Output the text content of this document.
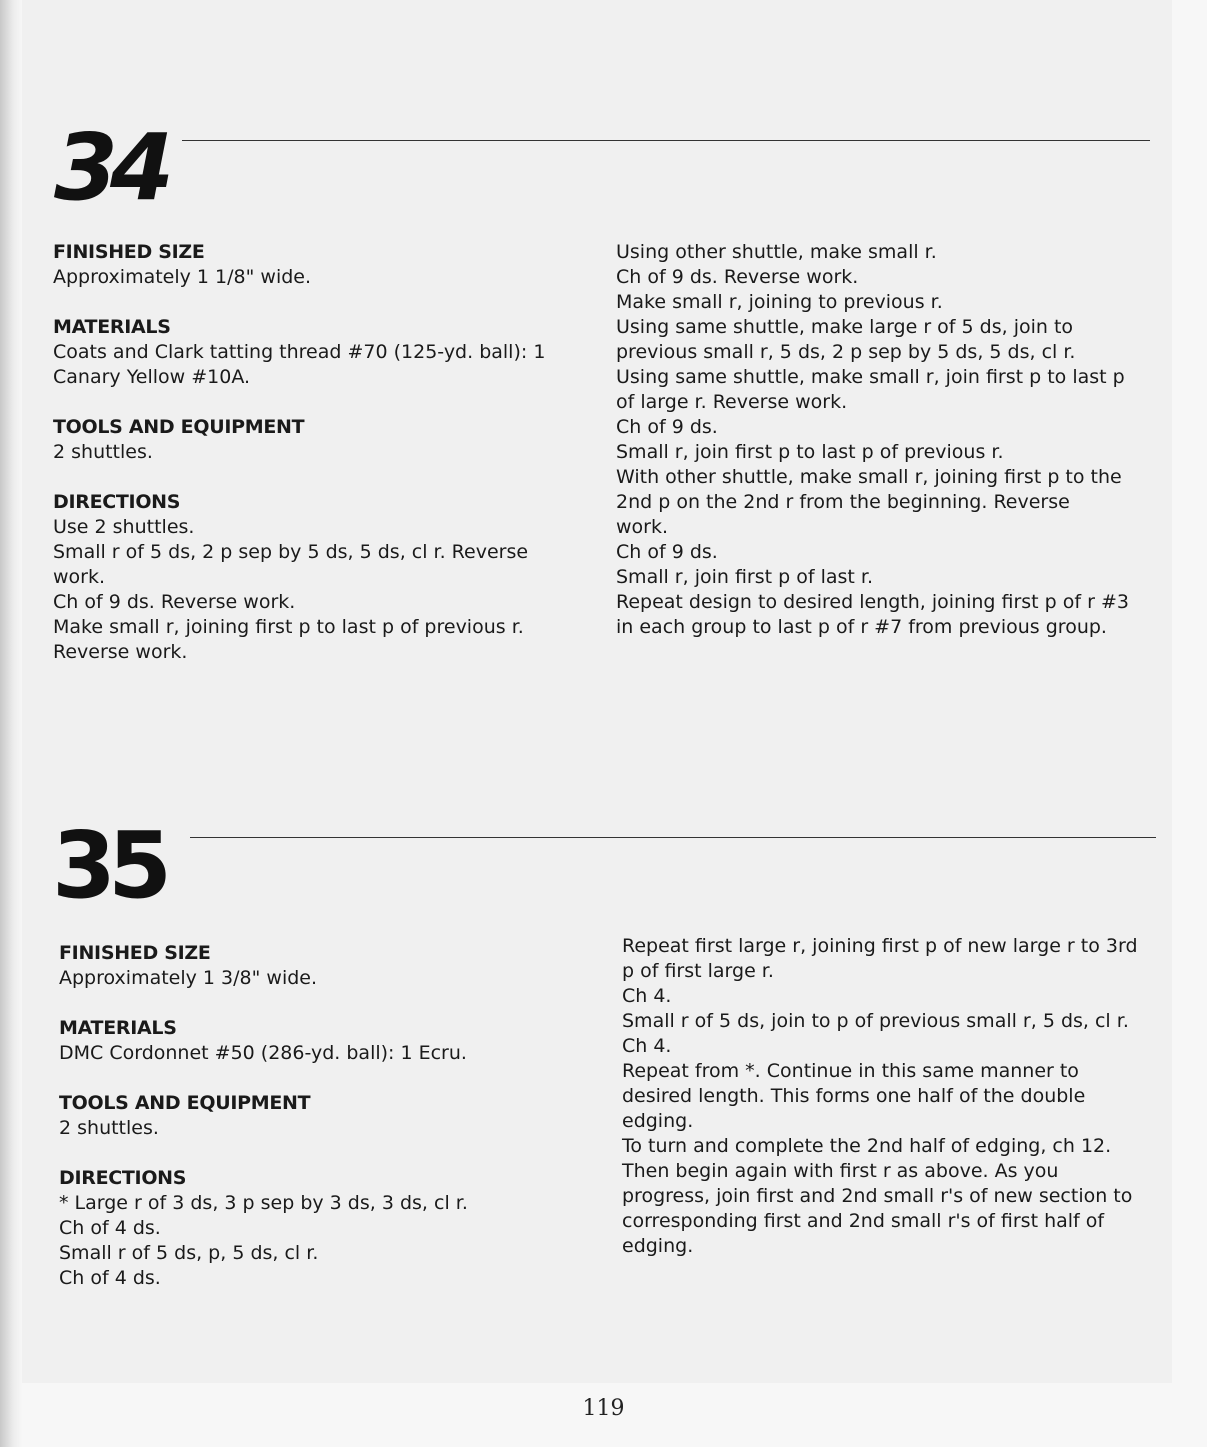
34

FINISHED SIZE

Approximately 1 1/8" wide.

MATERIALS

Coats and Clark tatting thread #70 (125-yd. ball): 1

Canary Yellow #10A.

TOOLS AND EQUIPMENT

2 shuttles.

DIRECTIONS

Use 2 shuttles.

Small r of 5 ds, 2 p sep by 5 ds, 5 ds, cl r. Reverse

work.

Ch of 9 ds. Reverse work.

Make small r, joining first p to last p of previous r.

Reverse work.

Using other shuttle, make small r.

Ch of 9 ds. Reverse work.

Make small r, joining to previous r.

Using same shuttle, make large r of 5 ds, join to

previous small r, 5 ds, 2 p sep by 5 ds, 5 ds, cl r.

Using same shuttle, make small r, join first p to last p

of large r. Reverse work.

Ch of 9 ds.

Small r, join first p to last p of previous r.

With other shuttle, make small r, joining first p to the

2nd p on the 2nd r from the beginning. Reverse

work.

Ch of 9 ds.

Small r, join first p of last r.

Repeat design to desired length, joining first p of r #3

in each group to last p of r #7 from previous group.

35

FINISHED SIZE

Approximately 1 3/8" wide.

MATERIALS

DMC Cordonnet #50 (286-yd. ball): 1 Ecru.

TOOLS AND EQUIPMENT

2 shuttles.

DIRECTIONS

* Large r of 3 ds, 3 p sep by 3 ds, 3 ds, cl r.

Ch of 4 ds.

Small r of 5 ds, p, 5 ds, cl r.

Ch of 4 ds.

Repeat first large r, joining first p of new large r to 3rd

p of first large r.

Ch 4.

Small r of 5 ds, join to p of previous small r, 5 ds, cl r.

Ch 4.

Repeat from *. Continue in this same manner to

desired length. This forms one half of the double

edging.

To turn and complete the 2nd half of edging, ch 12.

Then begin again with first r as above. As you

progress, join first and 2nd small r's of new section to

corresponding first and 2nd small r's of first half of

edging.

119
